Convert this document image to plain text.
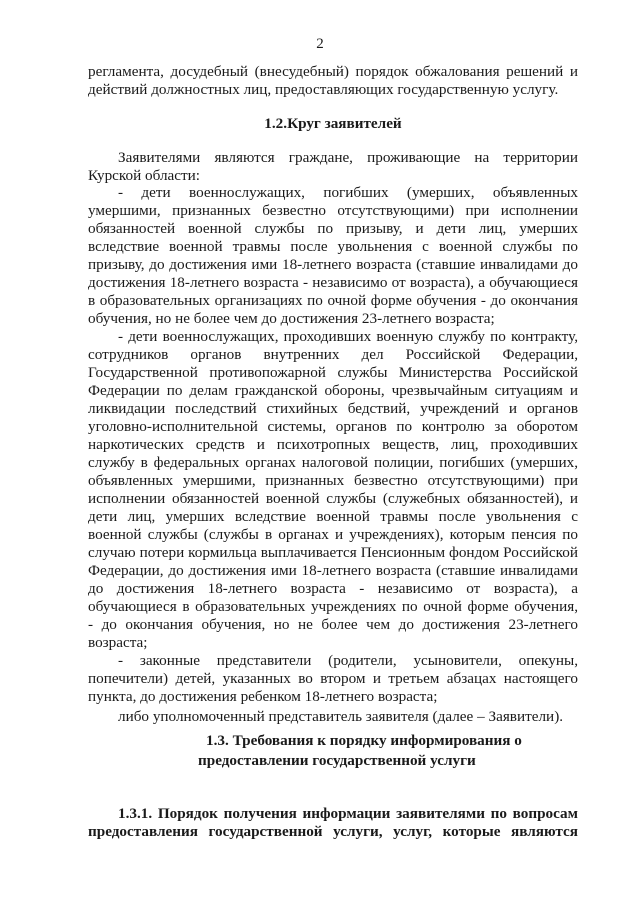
2
регламента, досудебный (внесудебный) порядок обжалования решений и
действий должностных лиц, предоставляющих государственную услугу.
1.2.Круг заявителей
Заявителями являются граждане, проживающие на территории
Курской области:
- дети военнослужащих, погибших (умерших, объявленных
умершими, признанных безвестно отсутствующими) при исполнении
обязанностей военной службы по призыву, и дети лиц, умерших
вследствие военной травмы после увольнения с военной службы по
призыву, до достижения ими 18-летнего возраста (ставшие инвалидами до
достижения 18-летнего возраста - независимо от возраста), а обучающиеся
в образовательных организациях по очной форме обучения - до окончания
обучения, но не более чем до достижения 23-летнего возраста;
- дети военнослужащих, проходивших военную службу по контракту,
сотрудников органов внутренних дел Российской Федерации,
Государственной противопожарной службы Министерства Российской
Федерации по делам гражданской обороны, чрезвычайным ситуациям и
ликвидации последствий стихийных бедствий, учреждений и органов
уголовно-исполнительной системы, органов по контролю за оборотом
наркотических средств и психотропных веществ, лиц, проходивших
службу в федеральных органах налоговой полиции, погибших (умерших,
объявленных умершими, признанных безвестно отсутствующими) при
исполнении обязанностей военной службы (служебных обязанностей), и
дети лиц, умерших вследствие военной травмы после увольнения с
военной службы (службы в органах и учреждениях), которым пенсия по
случаю потери кормильца выплачивается Пенсионным фондом Российской
Федерации, до достижения ими 18-летнего возраста (ставшие инвалидами
до достижения 18-летнего возраста - независимо от возраста), а
обучающиеся в образовательных учреждениях по очной форме обучения,
- до окончания обучения, но не более чем до достижения 23-летнего
возраста;
- законные представители (родители, усыновители, опекуны,
попечители) детей, указанных во втором и третьем абзацах настоящего
пункта, до достижения ребенком 18-летнего возраста;
либо уполномоченный представитель заявителя (далее – Заявители).
1.3. Требования к порядку информирования о
предоставлении государственной услуги
1.3.1. Порядок получения информации заявителями по вопросам
предоставления государственной услуги, услуг, которые являются
